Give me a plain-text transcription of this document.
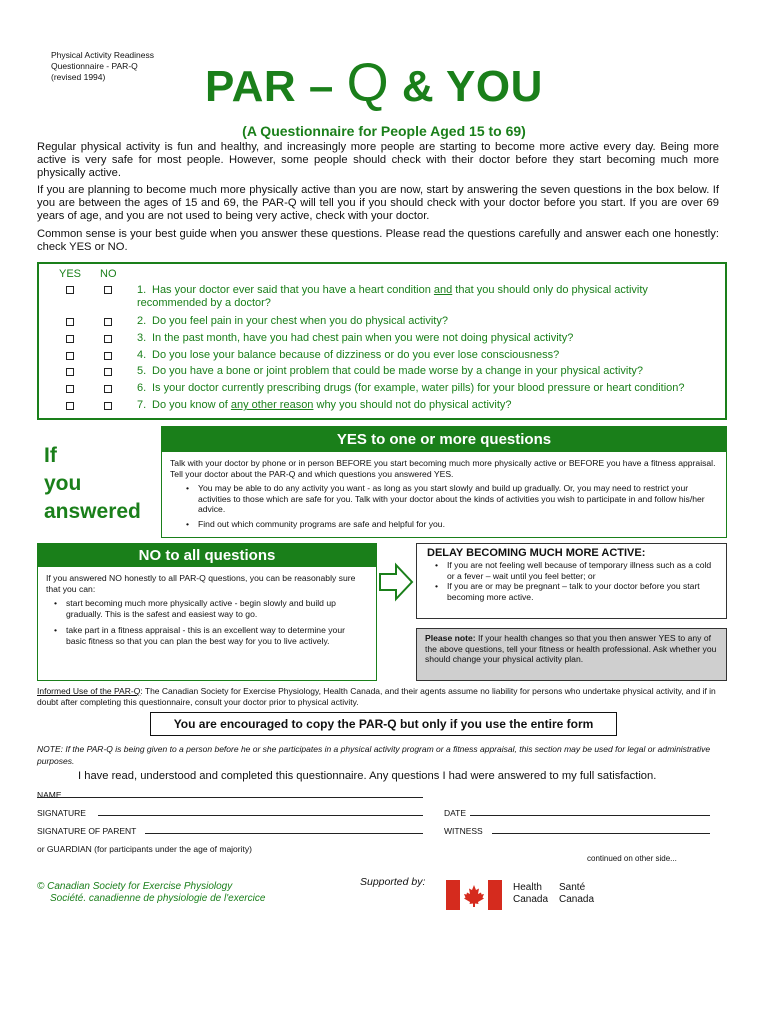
Physical Activity Readiness
Questionnaire - PAR-Q
(revised 1994)	PAR – Q & YOU
(A Questionnaire for People Aged 15 to 69)
Regular physical activity is fun and healthy, and increasingly more people are starting to become more active every day. Being more active is very safe for most people. However, some people should check with their doctor before they start becoming much more physically active.
If you are planning to become much more physically active than you are now, start by answering the seven questions in the box below. If you are between the ages of 15 and 69, the PAR-Q will tell you if you should check with your doctor before you start. If you are over 69 years of age, and you are not used to being very active, check with your doctor.
Common sense is your best guide when you answer these questions. Please read the questions carefully and answer each one honestly: check YES or NO.
YES NO
1. Has your doctor ever said that you have a heart condition and that you should only do physical activity recommended by a doctor?
2. Do you feel pain in your chest when you do physical activity?
3. In the past month, have you had chest pain when you were not doing physical activity?
4. Do you lose your balance because of dizziness or do you ever lose consciousness?
5. Do you have a bone or joint problem that could be made worse by a change in your physical activity?
6. Is your doctor currently prescribing drugs (for example, water pills) for your blood pressure or heart condition?
7. Do you know of any other reason why you should not do physical activity?
If
you
answered
YES to one or more questions
Talk with your doctor by phone or in person BEFORE you start becoming much more physically active or BEFORE you have a fitness appraisal. Tell your doctor about the PAR-Q and which questions you answered YES.
• You may be able to do any activity you want - as long as you start slowly and build up gradually. Or, you may need to restrict your activities to those which are safe for you. Talk with your doctor about the kinds of activities you wish to participate in and follow his/her advice.
• Find out which community programs are safe and helpful for you.
NO to all questions
If you answered NO honestly to all PAR-Q questions, you can be reasonably sure that you can:
• start becoming much more physically active - begin slowly and build up gradually. This is the safest and easiest way to go.
• take part in a fitness appraisal - this is an excellent way to determine your basic fitness so that you can plan the best way for you to live actively.
DELAY BECOMING MUCH MORE ACTIVE:
• If you are not feeling well because of temporary illness such as a cold or a fever – wait until you feel better; or
• If you are or may be pregnant – talk to your doctor before you start becoming more active.
Please note: If your health changes so that you then answer YES to any of the above questions, tell your fitness or health professional. Ask whether you should change your physical activity plan.
Informed Use of the PAR-Q: The Canadian Society for Exercise Physiology, Health Canada, and their agents assume no liability for persons who undertake physical activity, and if in doubt after completing this questionnaire, consult your doctor prior to physical activity.
You are encouraged to copy the PAR-Q but only if you use the entire form
NOTE: If the PAR-Q is being given to a person before he or she participates in a physical activity program or a fitness appraisal, this section may be used for legal or administrative purposes.
I have read, understood and completed this questionnaire. Any questions I had were answered to my full satisfaction.
NAME
SIGNATURE	DATE
SIGNATURE OF PARENT	WITNESS
or GUARDIAN (for participants under the age of majority)
continued on other side...
© Canadian Society for Exercise Physiology
Société. canadienne de physiologie de l'exercice
Supported by:	Health Santé
Canada Canada
